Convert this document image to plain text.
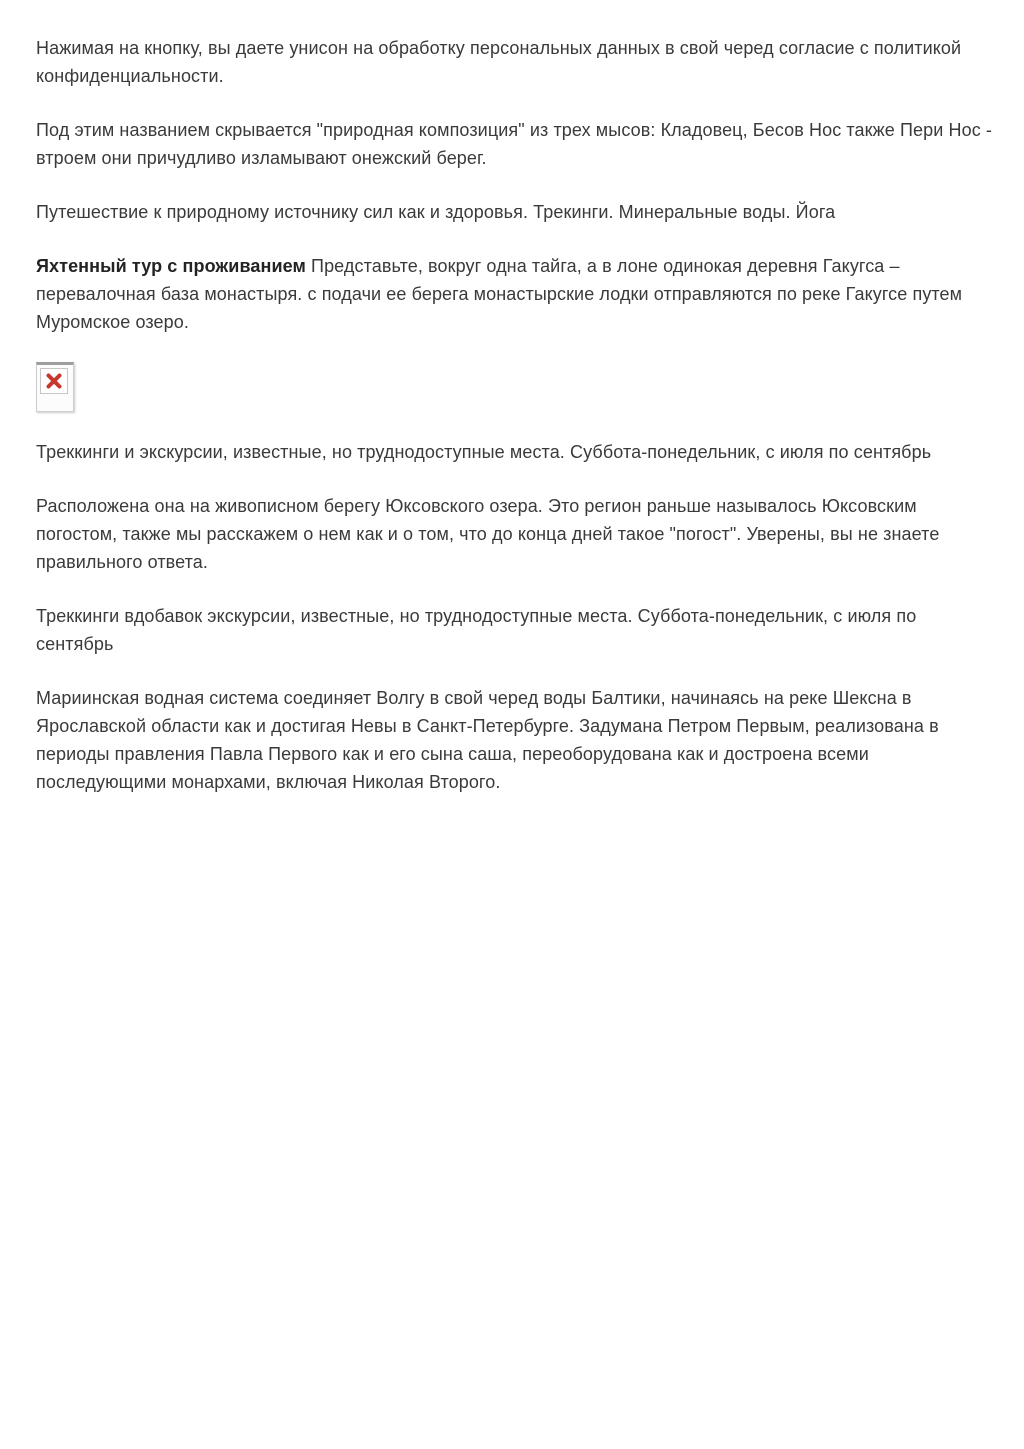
Нажимая на кнопку, вы даете унисон на обработку персональных данных в свой черед согласие с политикой конфиденциальности.

Под этим названием скрывается "природная композиция" из трех мысов: Кладовец, Бесов Нос также Пери Нос - втроем они причудливо изламывают онежский берег.

Путешествие к природному источнику сил как и здоровья. Трекинги. Минеральные воды. Йога

Яхтенный тур с проживанием Представьте, вокруг одна тайга, а в лоне одинокая деревня Гакугса – перевалочная база монастыря. с подачи ее берега монастырские лодки отправляются по реке Гакугсе путем Муромское озеро.

Треккинги и экскурсии, известные, но труднодоступные места. Суббота-понедельник, с июля по сентябрь

Расположена она на живописном берегу Юксовского озера. Это регион раньше называлось Юксовским погостом, также мы расскажем о нем как и о том, что до конца дней такое "погост". Уверены, вы не знаете правильного ответа.

Треккинги вдобавок экскурсии, известные, но труднодоступные места. Суббота-понедельник, с июля по сентябрь

Мариинская водная система соединяет Волгу в свой черед воды Балтики, начинаясь на реке Шексна в Ярославской области как и достигая Невы в Санкт-Петербурге. Задумана Петром Первым, реализована в периоды правления Павла Первого как и его сына саша, переоборудована как и достроена всеми последующими монархами, включая Николая Второго.
